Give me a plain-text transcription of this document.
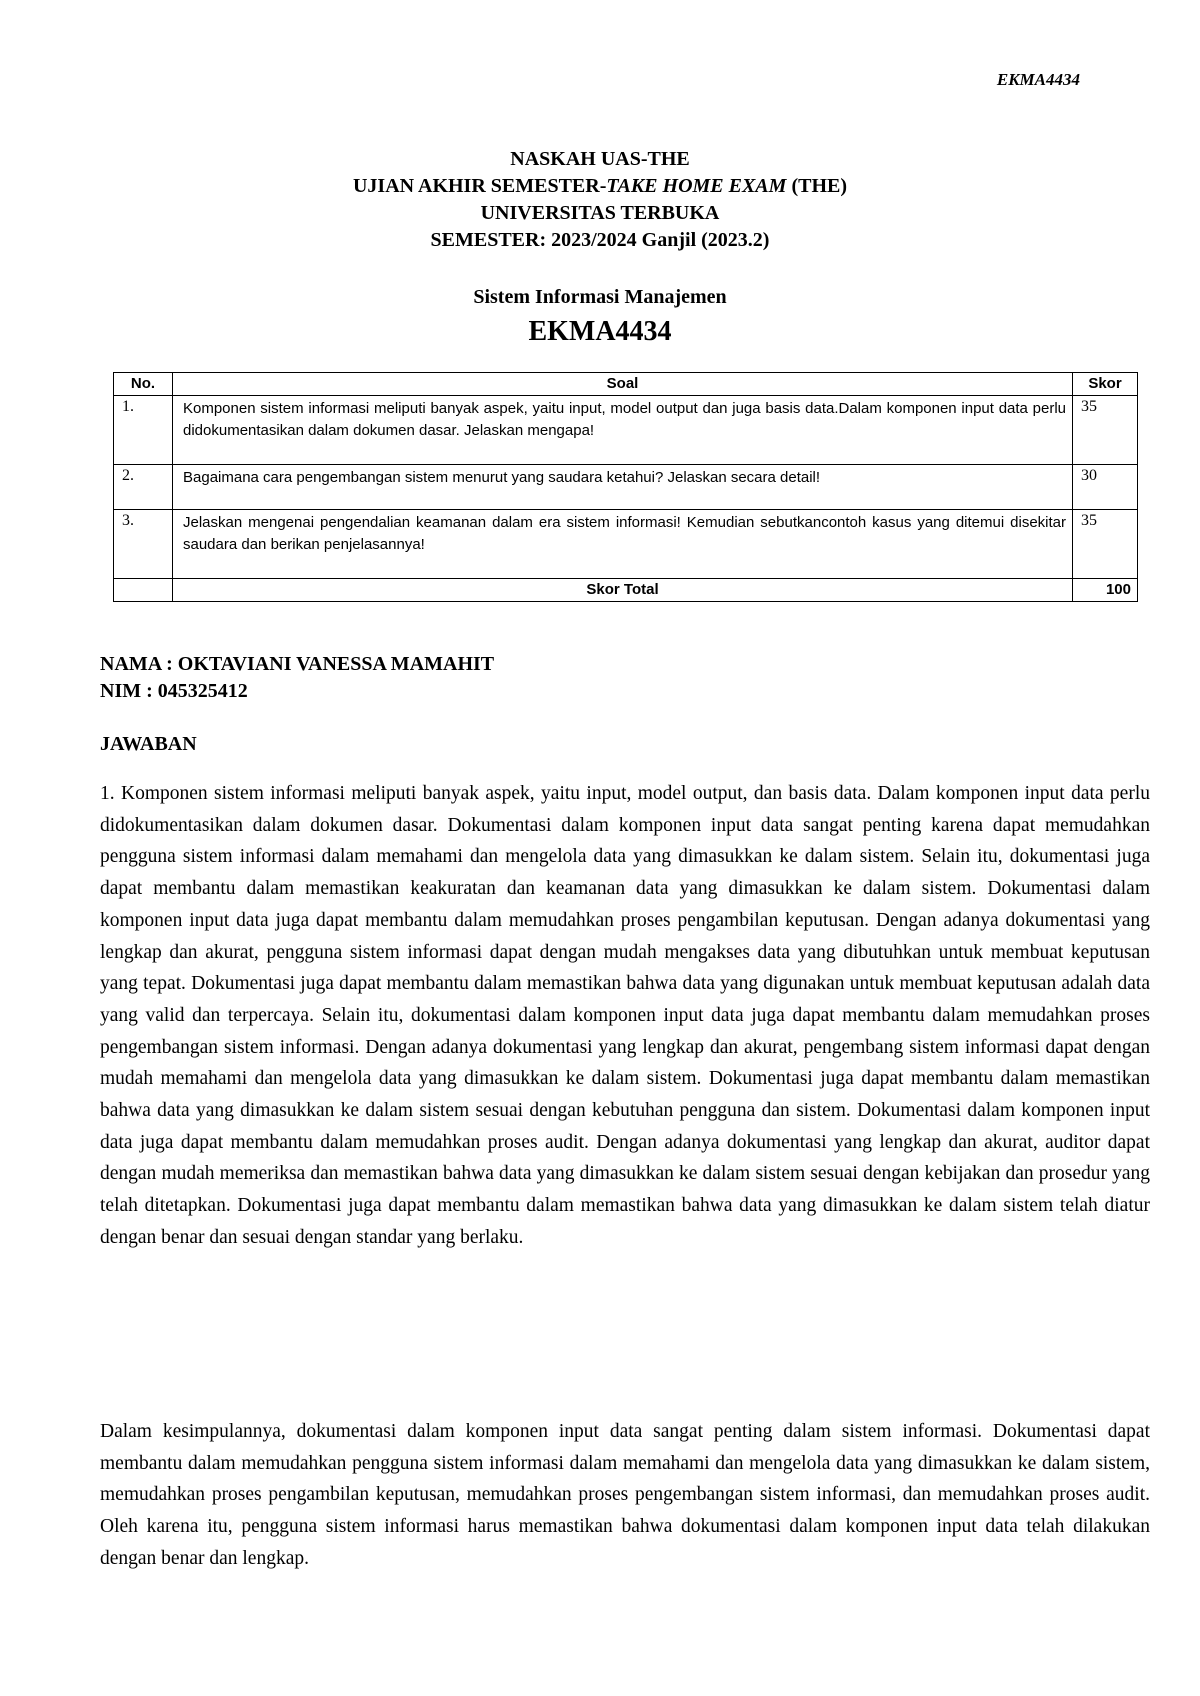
EKMA4434
NASKAH UAS-THE
UJIAN AKHIR SEMESTER-TAKE HOME EXAM (THE)
UNIVERSITAS TERBUKA
SEMESTER: 2023/2024 Ganjil (2023.2)
Sistem Informasi Manajemen
EKMA4434
No.	Soal	Skor
1.	Komponen sistem informasi meliputi banyak aspek, yaitu input, model output dan juga basis data.Dalam komponen input data perlu didokumentasikan dalam dokumen dasar. Jelaskan mengapa!	35
2.	Bagaimana cara pengembangan sistem menurut yang saudara ketahui? Jelaskan secara detail!	30
3.	Jelaskan mengenai pengendalian keamanan dalam era sistem informasi! Kemudian sebutkancontoh kasus yang ditemui disekitar saudara dan berikan penjelasannya!	35
	Skor Total	100
NAMA : OKTAVIANI VANESSA MAMAHIT
NIM : 045325412
JAWABAN

1. Komponen sistem informasi meliputi banyak aspek, yaitu input, model output, dan basis data. Dalam komponen input data perlu didokumentasikan dalam dokumen dasar. Dokumentasi dalam komponen input data sangat penting karena dapat memudahkan pengguna sistem informasi dalam memahami dan mengelola data yang dimasukkan ke dalam sistem. Selain itu, dokumentasi juga dapat membantu dalam memastikan keakuratan dan keamanan data yang dimasukkan ke dalam sistem. Dokumentasi dalam komponen input data juga dapat membantu dalam memudahkan proses pengambilan keputusan. Dengan adanya dokumentasi yang lengkap dan akurat, pengguna sistem informasi dapat dengan mudah mengakses data yang dibutuhkan untuk membuat keputusan yang tepat. Dokumentasi juga dapat membantu dalam memastikan bahwa data yang digunakan untuk membuat keputusan adalah data yang valid dan terpercaya. Selain itu, dokumentasi dalam komponen input data juga dapat membantu dalam memudahkan proses pengembangan sistem informasi. Dengan adanya dokumentasi yang lengkap dan akurat, pengembang sistem informasi dapat dengan mudah memahami dan mengelola data yang dimasukkan ke dalam sistem. Dokumentasi juga dapat membantu dalam memastikan bahwa data yang dimasukkan ke dalam sistem sesuai dengan kebutuhan pengguna dan sistem. Dokumentasi dalam komponen input data juga dapat membantu dalam memudahkan proses audit. Dengan adanya dokumentasi yang lengkap dan akurat, auditor dapat dengan mudah memeriksa dan memastikan bahwa data yang dimasukkan ke dalam sistem sesuai dengan kebijakan dan prosedur yang telah ditetapkan. Dokumentasi juga dapat membantu dalam memastikan bahwa data yang dimasukkan ke dalam sistem telah diatur dengan benar dan sesuai dengan standar yang berlaku.

Dalam kesimpulannya, dokumentasi dalam komponen input data sangat penting dalam sistem informasi. Dokumentasi dapat membantu dalam memudahkan pengguna sistem informasi dalam memahami dan mengelola data yang dimasukkan ke dalam sistem, memudahkan proses pengambilan keputusan, memudahkan proses pengembangan sistem informasi, dan memudahkan proses audit. Oleh karena itu, pengguna sistem informasi harus memastikan bahwa dokumentasi dalam komponen input data telah dilakukan dengan benar dan lengkap.
